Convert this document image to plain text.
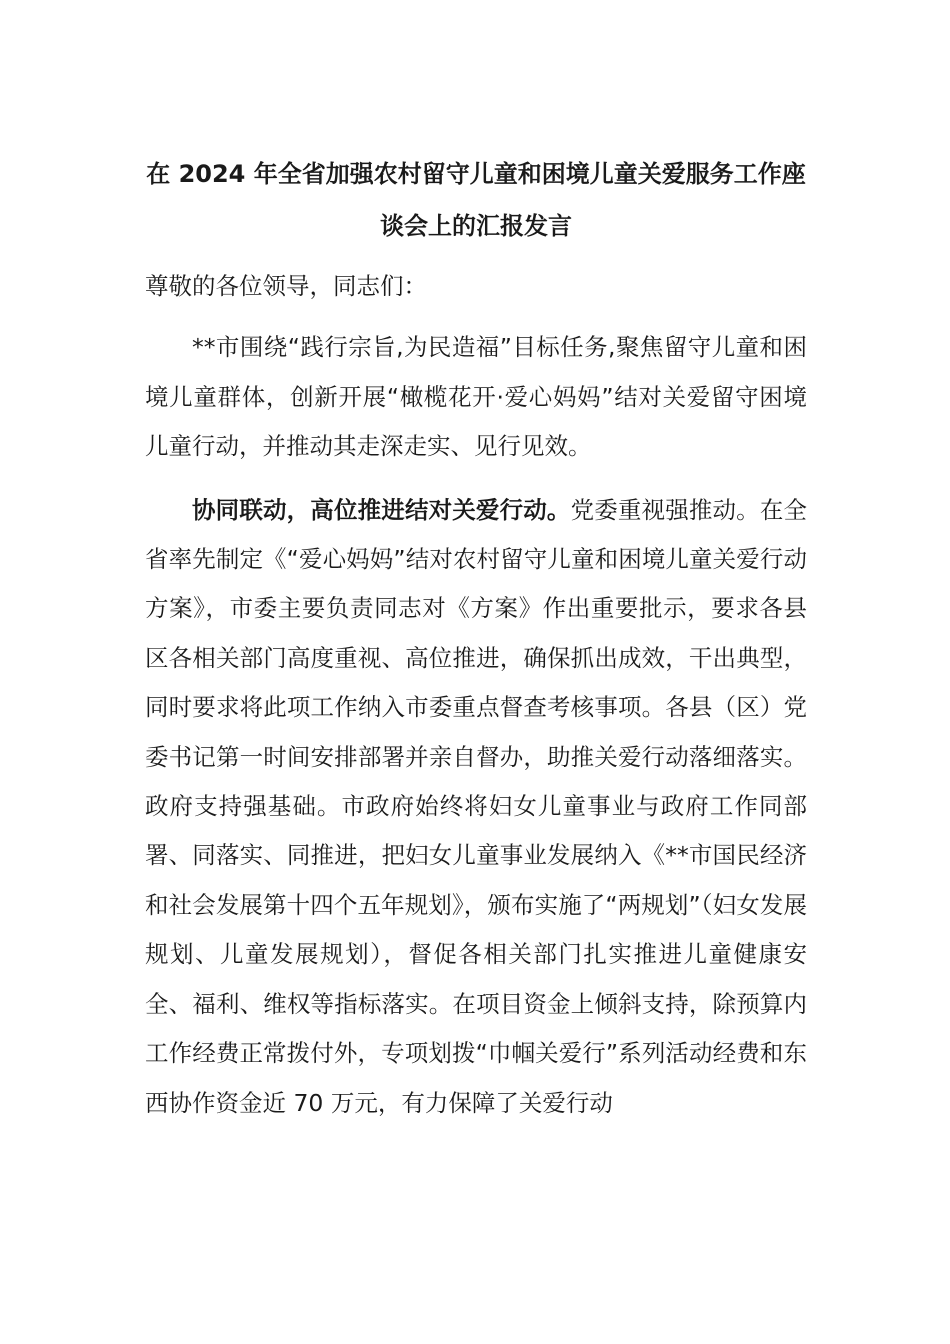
在 2024 年全省加强农村留守儿童和困境儿童关爱服务工作座谈会上的汇报发言

尊敬的各位领导，同志们：

**市围绕“践行宗旨,为民造福”目标任务,聚焦留守儿童和困境儿童群体，创新开展“橄榄花开·爱心妈妈”结对关爱留守困境儿童行动，并推动其走深走实、见行见效。

协同联动，高位推进结对关爱行动。党委重视强推动。在全省率先制定《“爱心妈妈”结对农村留守儿童和困境儿童关爱行动方案》，市委主要负责同志对《方案》作出重要批示，要求各县区各相关部门高度重视、高位推进，确保抓出成效，干出典型，同时要求将此项工作纳入市委重点督查考核事项。各县（区）党委书记第一时间安排部署并亲自督办，助推关爱行动落细落实。政府支持强基础。市政府始终将妇女儿童事业与政府工作同部署、同落实、同推进，把妇女儿童事业发展纳入《**市国民经济和社会发展第十四个五年规划》，颁布实施了“两规划”（妇女发展规划、儿童发展规划），督促各相关部门扎实推进儿童健康安全、福利、维权等指标落实。在项目资金上倾斜支持，除预算内工作经费正常拨付外，专项划拨“巾帼关爱行”系列活动经费和东西协作资金近 70 万元，有力保障了关爱行动
